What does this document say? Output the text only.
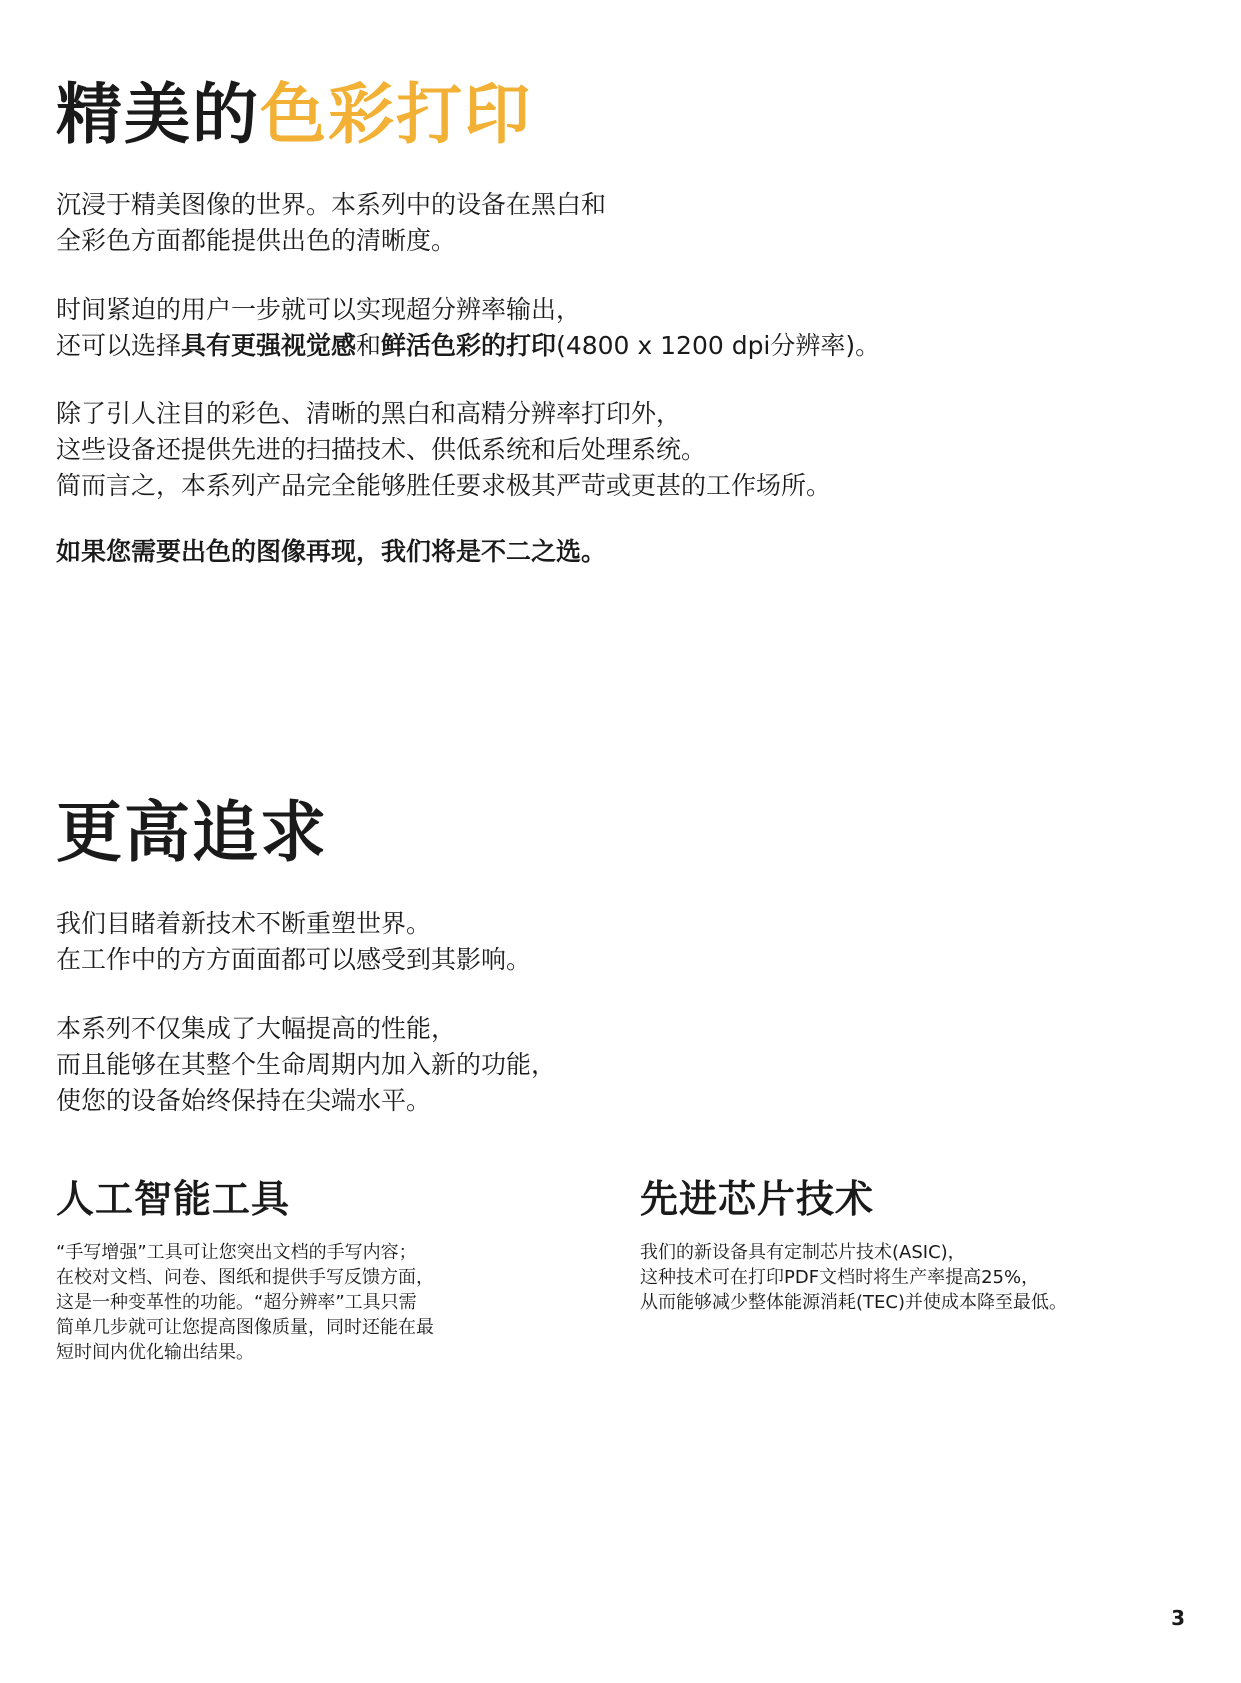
精美的色彩打印

沉浸于精美图像的世界。本系列中的设备在黑白和
全彩色方面都能提供出色的清晰度。

时间紧迫的用户一步就可以实现超分辨率输出，
还可以选择具有更强视觉感和鲜活色彩的打印(4800 x 1200 dpi分辨率)。

除了引人注目的彩色、清晰的黑白和高精分辨率打印外，
这些设备还提供先进的扫描技术、供低系统和后处理系统。
简而言之，本系列产品完全能够胜任要求极其严苛或更甚的工作场所。

如果您需要出色的图像再现，我们将是不二之选。

更高追求

我们目睹着新技术不断重塑世界。
在工作中的方方面面都可以感受到其影响。

本系列不仅集成了大幅提高的性能，
而且能够在其整个生命周期内加入新的功能，
使您的设备始终保持在尖端水平。

人工智能工具

“手写增强”工具可让您突出文档的手写内容；
在校对文档、问卷、图纸和提供手写反馈方面，
这是一种变革性的功能。“超分辨率”工具只需
简单几步就可让您提高图像质量，同时还能在最
短时间内优化输出结果。

先进芯片技术

我们的新设备具有定制芯片技术(ASIC)，
这种技术可在打印PDF文档时将生产率提高25%，
从而能够减少整体能源消耗(TEC)并使成本降至最低。

3
